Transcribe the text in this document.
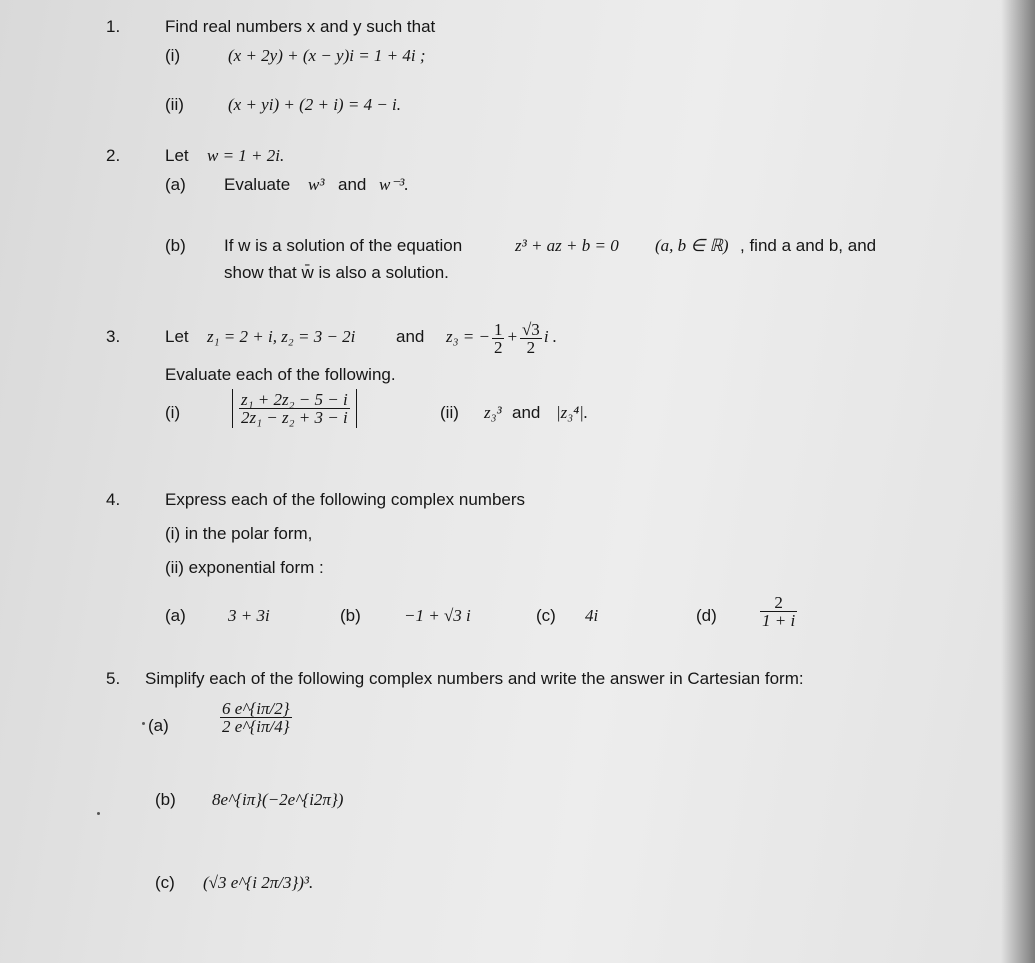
1.	Find real numbers x and y such that
(i)	(x + 2y) + (x − y)i = 1 + 4i ;
(ii)	(x + yi) + (2 + i) = 4 − i.
2.	Let w = 1 + 2i.
(a) Evaluate w³ and w⁻³.
(b) If w is a solution of the equation	z³ + az + b = 0 (a, b ∈ ℝ) , find a and b, and
show that w̄ is also a solution.
3.	Let z₁ = 2 + i, z₂ = 3 − 2i and z₃ = − $\frac{1}{2} + \frac{√3}{2}$ i .
Evaluate each of the following.
(i)	$\frac{\text{z₁ + 2z₂ − 5 − i}}{\text{2z₁ − z₂ + 3 − i}}$	(ii) z₃³ and |z₃⁴|.
4.	Express each of the following complex numbers
(i) in the polar form,
(ii) exponential form :
(a) 3 + 3i	(b)	−1 + √3 i	(c) 4i	(d)	$\frac{2}{1 + i}$
5. Simplify each of the following complex numbers and write the answer in Cartesian form:
(a)	$\frac{6 e\^{}\{i\pi/2\}}{2 e\^{}\{i\pi/4\}}$
(b) 8e^{iπ}(−2e^{i2π})
(c) (√3 e^{i 2π/3})³.
